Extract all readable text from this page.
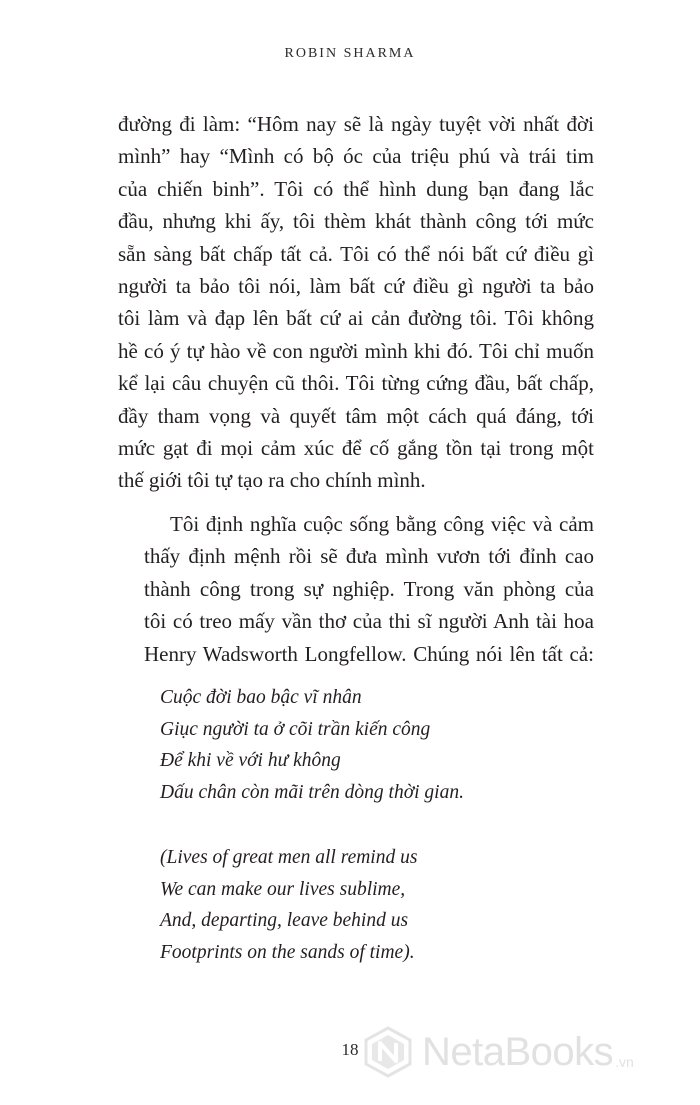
ROBIN SHARMA

đường đi làm: “Hôm nay sẽ là ngày tuyệt vời nhất đời
mình” hay “Mình có bộ óc của triệu phú và trái tim
của chiến binh”. Tôi có thể hình dung bạn đang lắc
đầu, nhưng khi ấy, tôi thèm khát thành công tới mức
sẵn sàng bất chấp tất cả. Tôi có thể nói bất cứ điều gì
người ta bảo tôi nói, làm bất cứ điều gì người ta bảo
tôi làm và đạp lên bất cứ ai cản đường tôi. Tôi không
hề có ý tự hào về con người mình khi đó. Tôi chỉ muốn
kể lại câu chuyện cũ thôi. Tôi từng cứng đầu, bất chấp,
đầy tham vọng và quyết tâm một cách quá đáng, tới
mức gạt đi mọi cảm xúc để cố gắng tồn tại trong một
thế giới tôi tự tạo ra cho chính mình.

Tôi định nghĩa cuộc sống bằng công việc và cảm
thấy định mệnh rồi sẽ đưa mình vươn tới đỉnh cao
thành công trong sự nghiệp. Trong văn phòng của
tôi có treo mấy vần thơ của thi sĩ người Anh tài hoa
Henry Wadsworth Longfellow. Chúng nói lên tất cả:

Cuộc đời bao bậc vĩ nhân
Giục người ta ở cõi trần kiến công
Để khi về với hư không
Dấu chân còn mãi trên dòng thời gian.
(Lives of great men all remind us
We can make our lives sublime,
And, departing, leave behind us
Footprints on the sands of time).
18	NetaBooks .vn
